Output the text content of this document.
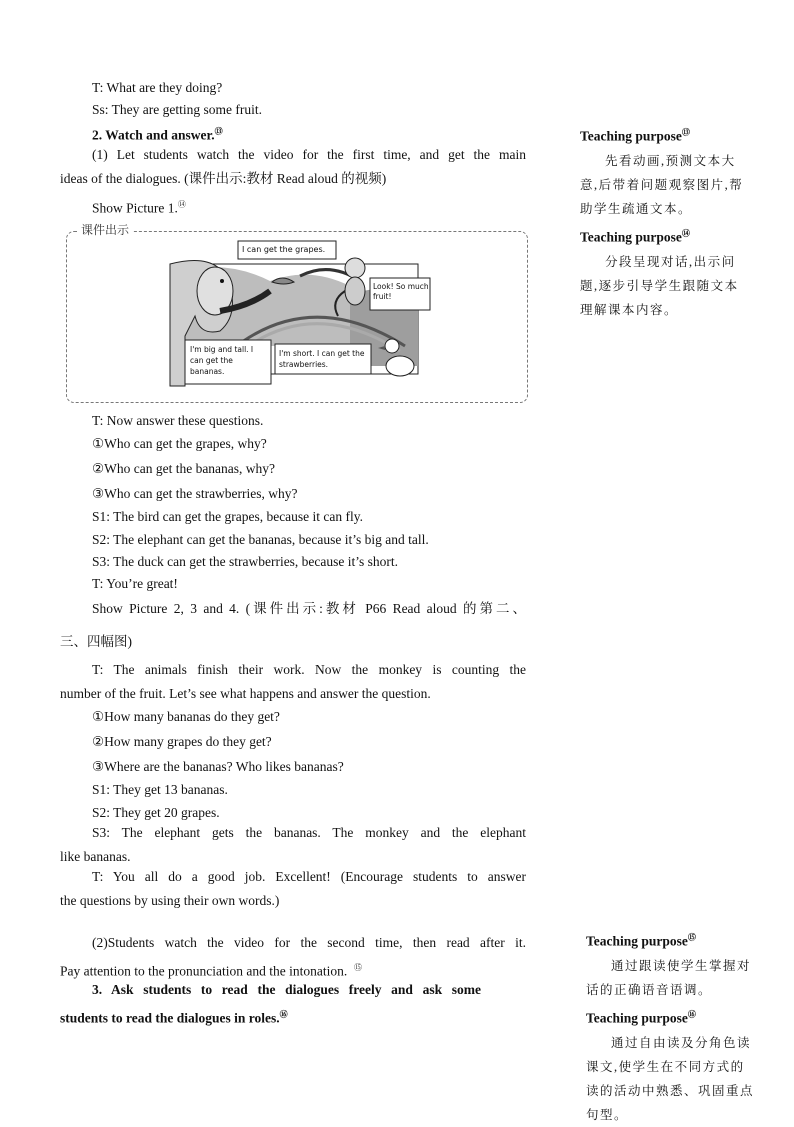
T: What are they doing?
Ss: They are getting some fruit.
2. Watch and answer.⑬
(1) Let students watch the video for the first time, and get the main
ideas of the dialogues. (课件出示:教材 Read aloud 的视频)
Show Picture 1.⑭
课件出示
I can get the grapes.
Look! So much fruit!
I'm big and tall. I can get the bananas.
I'm short. I can get the strawberries.
T: Now answer these questions.
①Who can get the grapes, why?
②Who can get the bananas, why?
③Who can get the strawberries, why?
S1: The bird can get the grapes, because it can fly.
S2: The elephant can get the bananas, because it’s big and tall.
S3: The duck can get the strawberries, because it’s short.
T: You’re great!
Show Picture 2, 3 and 4. (课件出示:教材 P66 Read aloud 的第二、
三、四幅图)
T: The animals finish their work. Now the monkey is counting the
number of the fruit. Let’s see what happens and answer the question.
①How many bananas do they get?
②How many grapes do they get?
③Where are the bananas? Who likes bananas?
S1: They get 13 bananas.
S2: They get 20 grapes.
S3: The elephant gets the bananas. The monkey and the elephant
like bananas.
T: You all do a good job. Excellent! (Encourage students to answer
the questions by using their own words.)
(2)Students watch the video for the second time, then read after it.
Pay attention to the pronunciation and the intonation. ⑮
3. Ask students to read the dialogues freely and ask some
students to read the dialogues in roles.⑯
Teaching purpose⑬
先看动画,预测文本大意,后带着问题观察图片,帮助学生疏通文本。
Teaching purpose⑭
分段呈现对话,出示问题,逐步引导学生跟随文本理解课本内容。
Teaching purpose⑮
通过跟读使学生掌握对话的正确语音语调。
Teaching purpose⑯
通过自由读及分角色读课文,使学生在不同方式的读的活动中熟悉、巩固重点句型。
